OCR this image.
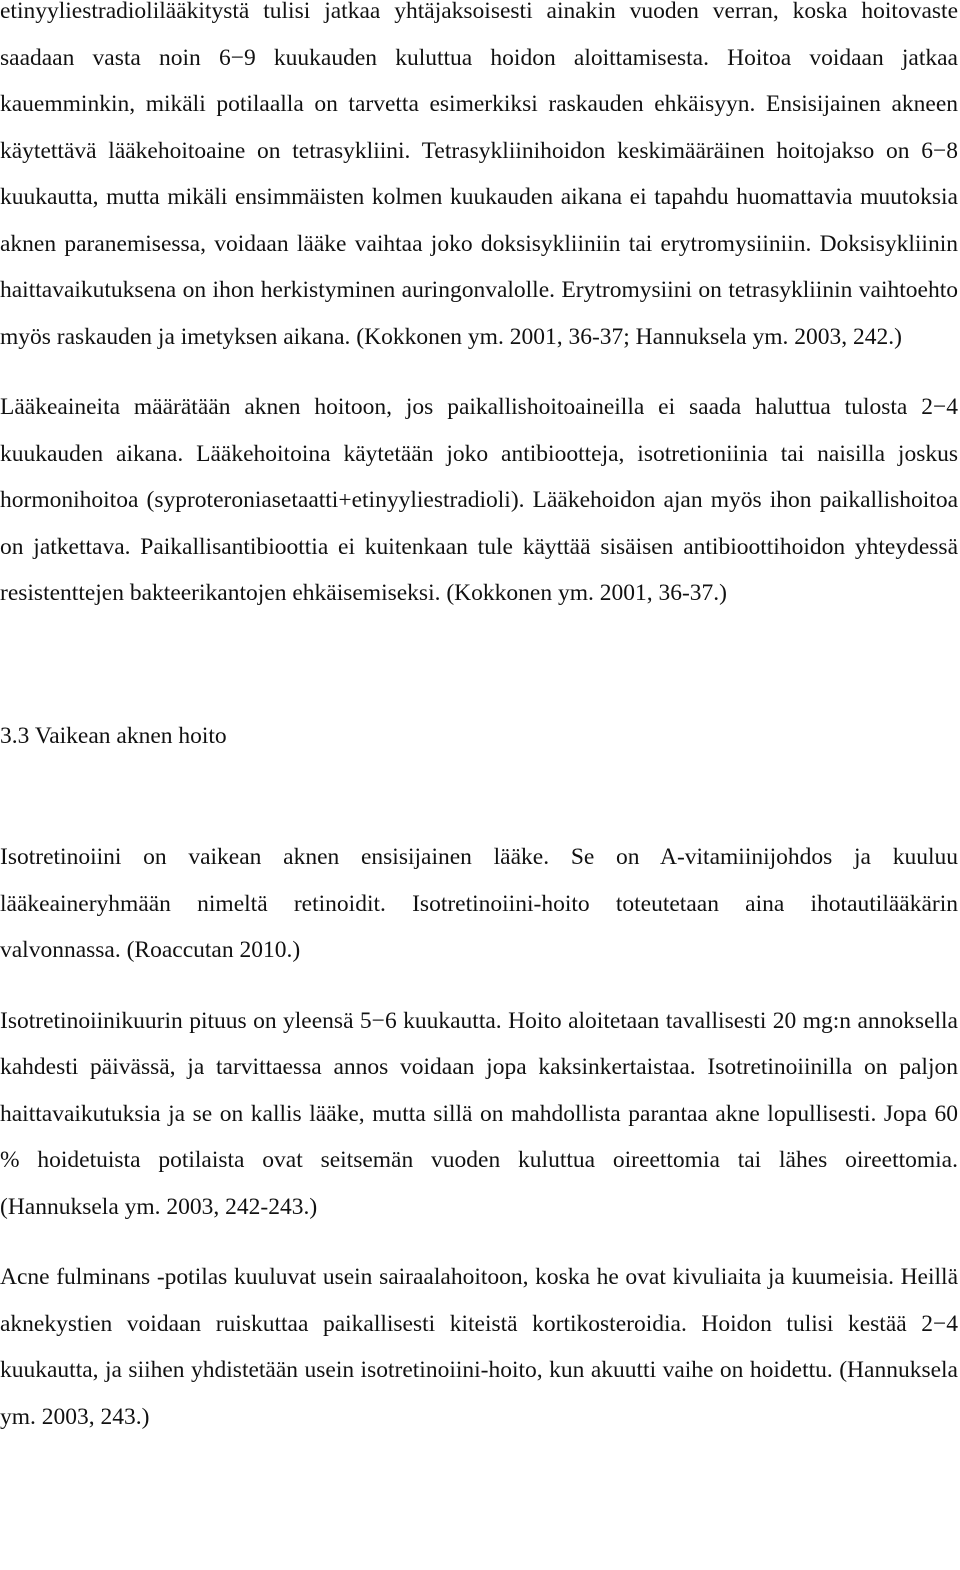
etinyyliestradiolilääkitystä tulisi jatkaa yhtäjaksoisesti ainakin vuoden verran, koska hoitovaste saadaan vasta noin 6−9 kuukauden kuluttua hoidon aloittamisesta. Hoitoa voidaan jatkaa kauemminkin, mikäli potilaalla on tarvetta esimerkiksi raskauden ehkäisyyn. Ensisijainen akneen käytettävä lääkehoitoaine on tetrasykliini. Tetrasykliinihoidon keskimääräinen hoitojakso on 6−8 kuukautta, mutta mikäli ensimmäisten kolmen kuukauden aikana ei tapahdu huomattavia muutoksia aknen paranemisessa, voidaan lääke vaihtaa joko doksisykliiniin tai erytromysiiniin. Doksisykliinin haittavaikutuksena on ihon herkistyminen auringonvalolle. Erytromysiini on tetrasykliinin vaihtoehto myös raskauden ja imetyksen aikana. (Kokkonen ym. 2001, 36-37; Hannuksela ym. 2003, 242.)

Lääkeaineita määrätään aknen hoitoon, jos paikallishoitoaineilla ei saada haluttua tulosta 2−4 kuukauden aikana. Lääkehoitoina käytetään joko antibiootteja, isotretioniinia tai naisilla joskus hormonihoitoa (syproteroniasetaatti+etinyyliestradioli). Lääkehoidon ajan myös ihon paikallishoitoa on jatkettava. Paikallisantibioottia ei kuitenkaan tule käyttää sisäisen antibioottihoidon yhteydessä resistenttejen bakteerikantojen ehkäisemiseksi. (Kokkonen ym. 2001, 36-37.)

3.3 Vaikean aknen hoito

Isotretinoiini on vaikean aknen ensisijainen lääke. Se on A-vitamiinijohdos ja kuuluu lääkeaineryhmään nimeltä retinoidit. Isotretinoiini-hoito toteutetaan aina ihotautilääkärin valvonnassa. (Roaccutan 2010.)

Isotretinoiinikuurin pituus on yleensä 5−6 kuukautta. Hoito aloitetaan tavallisesti 20 mg:n annoksella kahdesti päivässä, ja tarvittaessa annos voidaan jopa kaksinkertaistaa. Isotretinoiinilla on paljon haittavaikutuksia ja se on kallis lääke, mutta sillä on mahdollista parantaa akne lopullisesti. Jopa 60 % hoidetuista potilaista ovat seitsemän vuoden kuluttua oireettomia tai lähes oireettomia. (Hannuksela ym. 2003, 242-243.)

Acne fulminans -potilas kuuluvat usein sairaalahoitoon, koska he ovat kivuliaita ja kuumeisia. Heillä aknekystien voidaan ruiskuttaa paikallisesti kiteistä kortikosteroidia. Hoidon tulisi kestää 2−4 kuukautta, ja siihen yhdistetään usein isotretinoiini-hoito, kun akuutti vaihe on hoidettu. (Hannuksela ym. 2003, 243.)
